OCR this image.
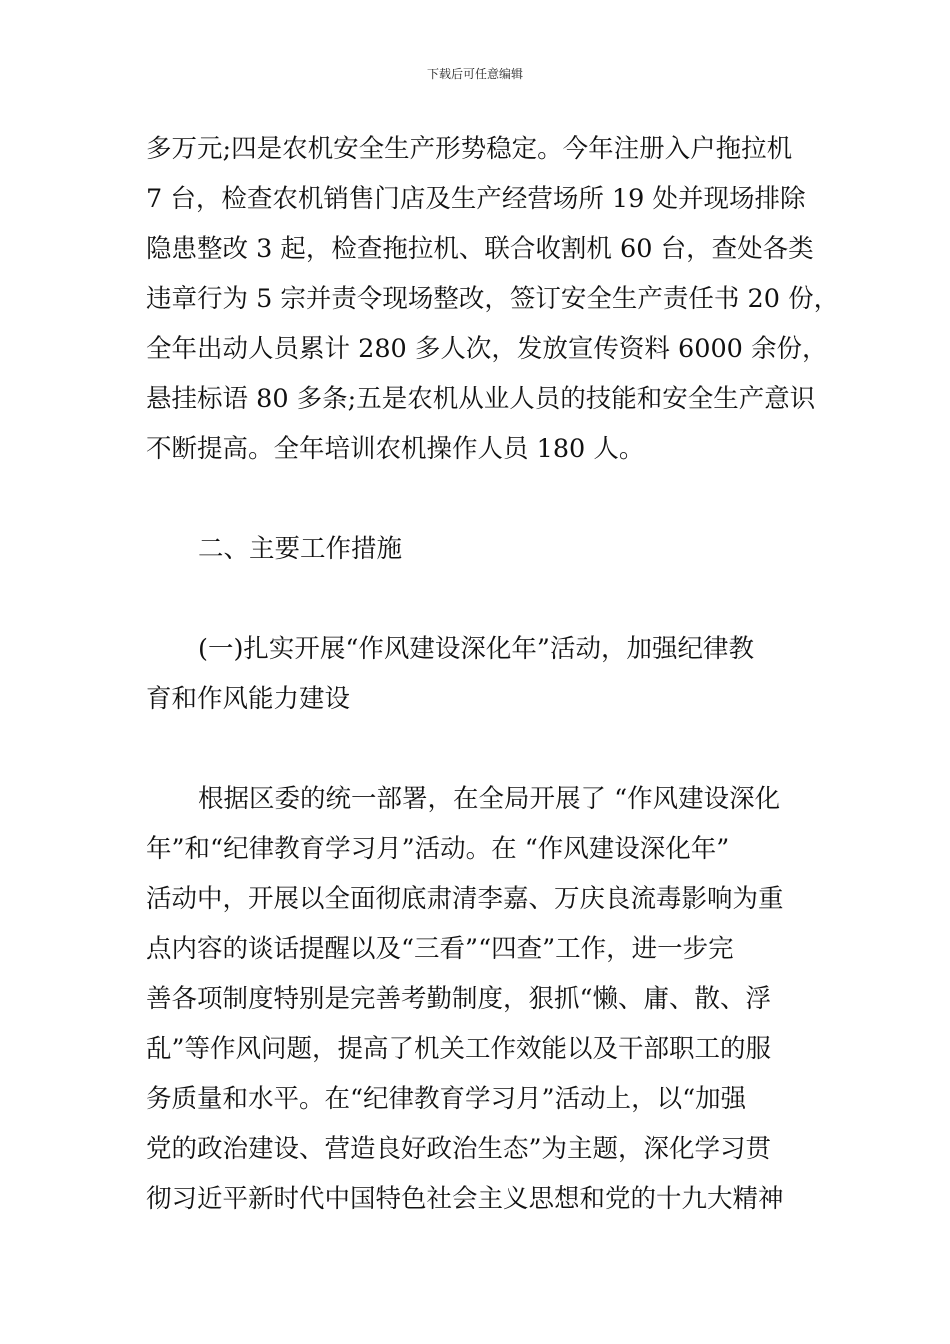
下载后可任意编辑

多万元;四是农机安全生产形势稳定。今年注册入户拖拉机
7 台，检查农机销售门店及生产经营场所 19 处并现场排除
隐患整改 3 起，检查拖拉机、联合收割机 60 台，查处各类
违章行为 5 宗并责令现场整改，签订安全生产责任书 20 份，
全年出动人员累计 280 多人次，发放宣传资料 6000 余份，
悬挂标语 80 多条;五是农机从业人员的技能和安全生产意识
不断提高。全年培训农机操作人员 180 人。

二、主要工作措施

(一)扎实开展“作风建设深化年”活动，加强纪律教
育和作风能力建设

根据区委的统一部署，在全局开展了 “作风建设深化
年”和“纪律教育学习月”活动。在 “作风建设深化年”
活动中，开展以全面彻底肃清李嘉、万庆良流毒影响为重
点内容的谈话提醒以及“三看”“四查”工作，进一步完
善各项制度特别是完善考勤制度，狠抓“懒、庸、散、浮
乱”等作风问题，提高了机关工作效能以及干部职工的服
务质量和水平。在“纪律教育学习月”活动上，以“加强
党的政治建设、营造良好政治生态”为主题，深化学习贯
彻习近平新时代中国特色社会主义思想和党的十九大精神
